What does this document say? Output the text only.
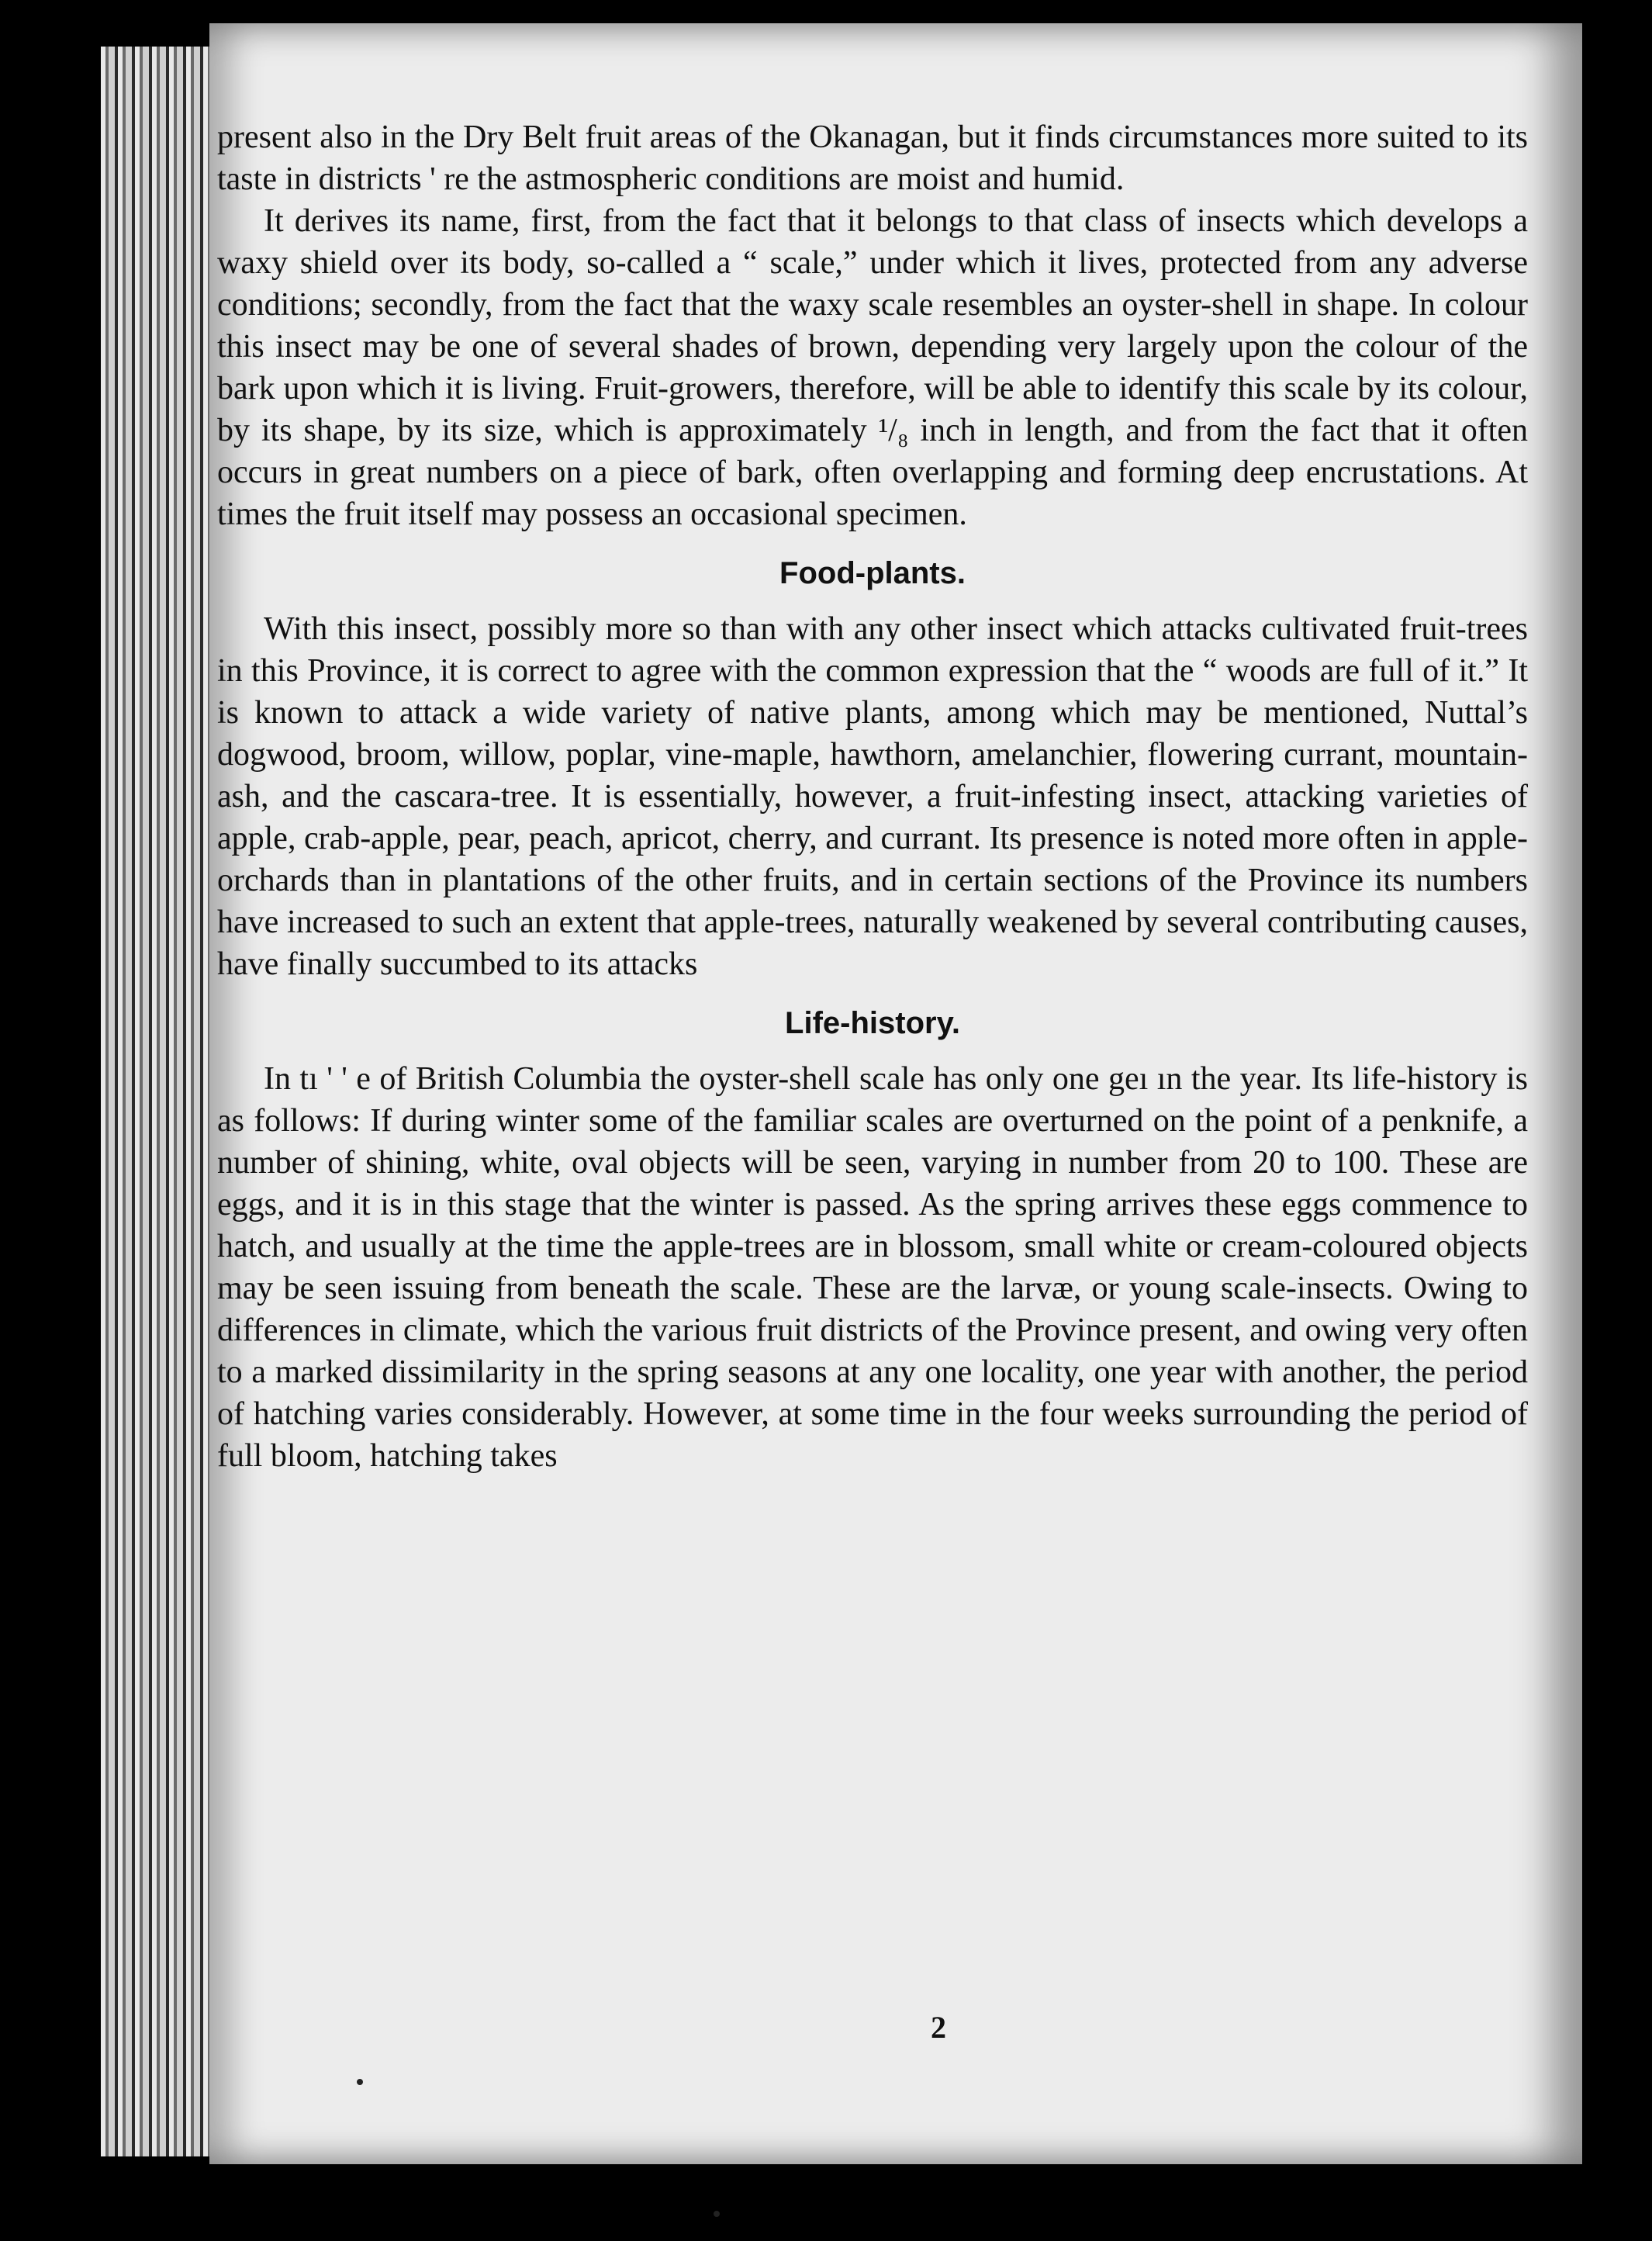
present also in the Dry Belt fruit areas of the Okanagan, but it finds circumstances more suited to its taste in districts ' re the astmospheric conditions are moist and humid.

It derives its name, first, from the fact that it belongs to that class of insects which develops a waxy shield over its body, so-called a “ scale,” under which it lives, protected from any adverse conditions; secondly, from the fact that the waxy scale resembles an oyster-shell in shape. In colour this insect may be one of several shades of brown, depending very largely upon the colour of the bark upon which it is living. Fruit-growers, therefore, will be able to identify this scale by its colour, by its shape, by its size, which is approximately ¹/₈ inch in length, and from the fact that it often occurs in great numbers on a piece of bark, often overlapping and forming deep encrustations. At times the fruit itself may possess an occasional specimen.

Food-plants.

With this insect, possibly more so than with any other insect which attacks cultivated fruit-trees in this Province, it is correct to agree with the common expression that the “ woods are full of it.” It is known to attack a wide variety of native plants, among which may be mentioned, Nuttal’s dogwood, broom, willow, poplar, vine-maple, hawthorn, amelanchier, flowering currant, mountain-ash, and the cascara-tree. It is essentially, however, a fruit-infesting insect, attacking varieties of apple, crab-apple, pear, peach, apricot, cherry, and currant. Its presence is noted more often in apple-orchards than in plantations of the other fruits, and in certain sections of the Province its numbers have increased to such an extent that apple-trees, naturally weakened by several contributing causes, have finally succumbed to its attacks

Life-history.

In tı ' ' e of British Columbia the oyster-shell scale has only one geı ın the year. Its life-history is as follows: If during winter some of the familiar scales are overturned on the point of a penknife, a number of shining, white, oval objects will be seen, varying in number from 20 to 100. These are eggs, and it is in this stage that the winter is passed. As the spring arrives these eggs commence to hatch, and usually at the time the apple-trees are in blossom, small white or cream-coloured objects may be seen issuing from beneath the scale. These are the larvæ, or young scale-insects. Owing to differences in climate, which the various fruit districts of the Province present, and owing very often to a marked dissimilarity in the spring seasons at any one locality, one year with another, the period of hatching varies considerably. However, at some time in the four weeks surrounding the period of full bloom, hatching takes

2
